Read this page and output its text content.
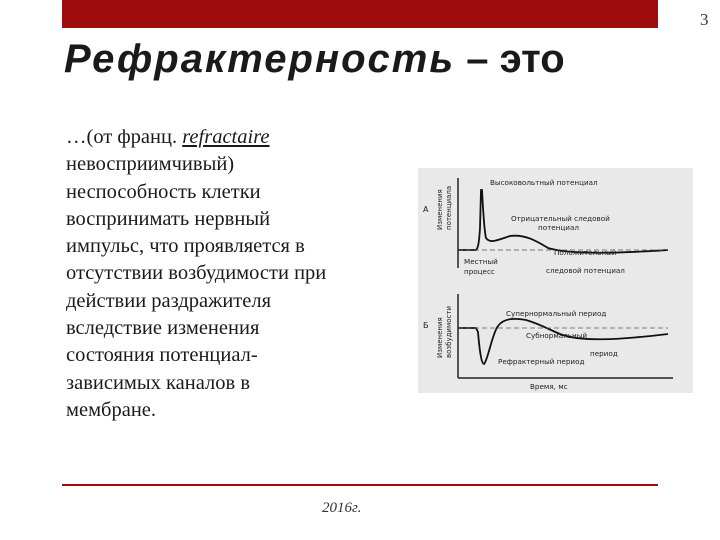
3
Рефрактерность – это
…(от франц. refractaire
невосприимчивый)
неспособность клетки
воспринимать нервный
импульс, что проявляется в
отсутствии возбудимости при
действии раздражителя
вследствие изменения
состояния потенциал-
зависимых каналов в
мембране.
А Изменения потенциала
Высоковольтный потенциал
Отрицательный следовой
потенциал
Положительный
следовой потенциал
Местный
процесс
Б Изменения возбудимости	Супернормальный период
Субнормальный
период
Рефрактерный период
Время, мс
2016г.
